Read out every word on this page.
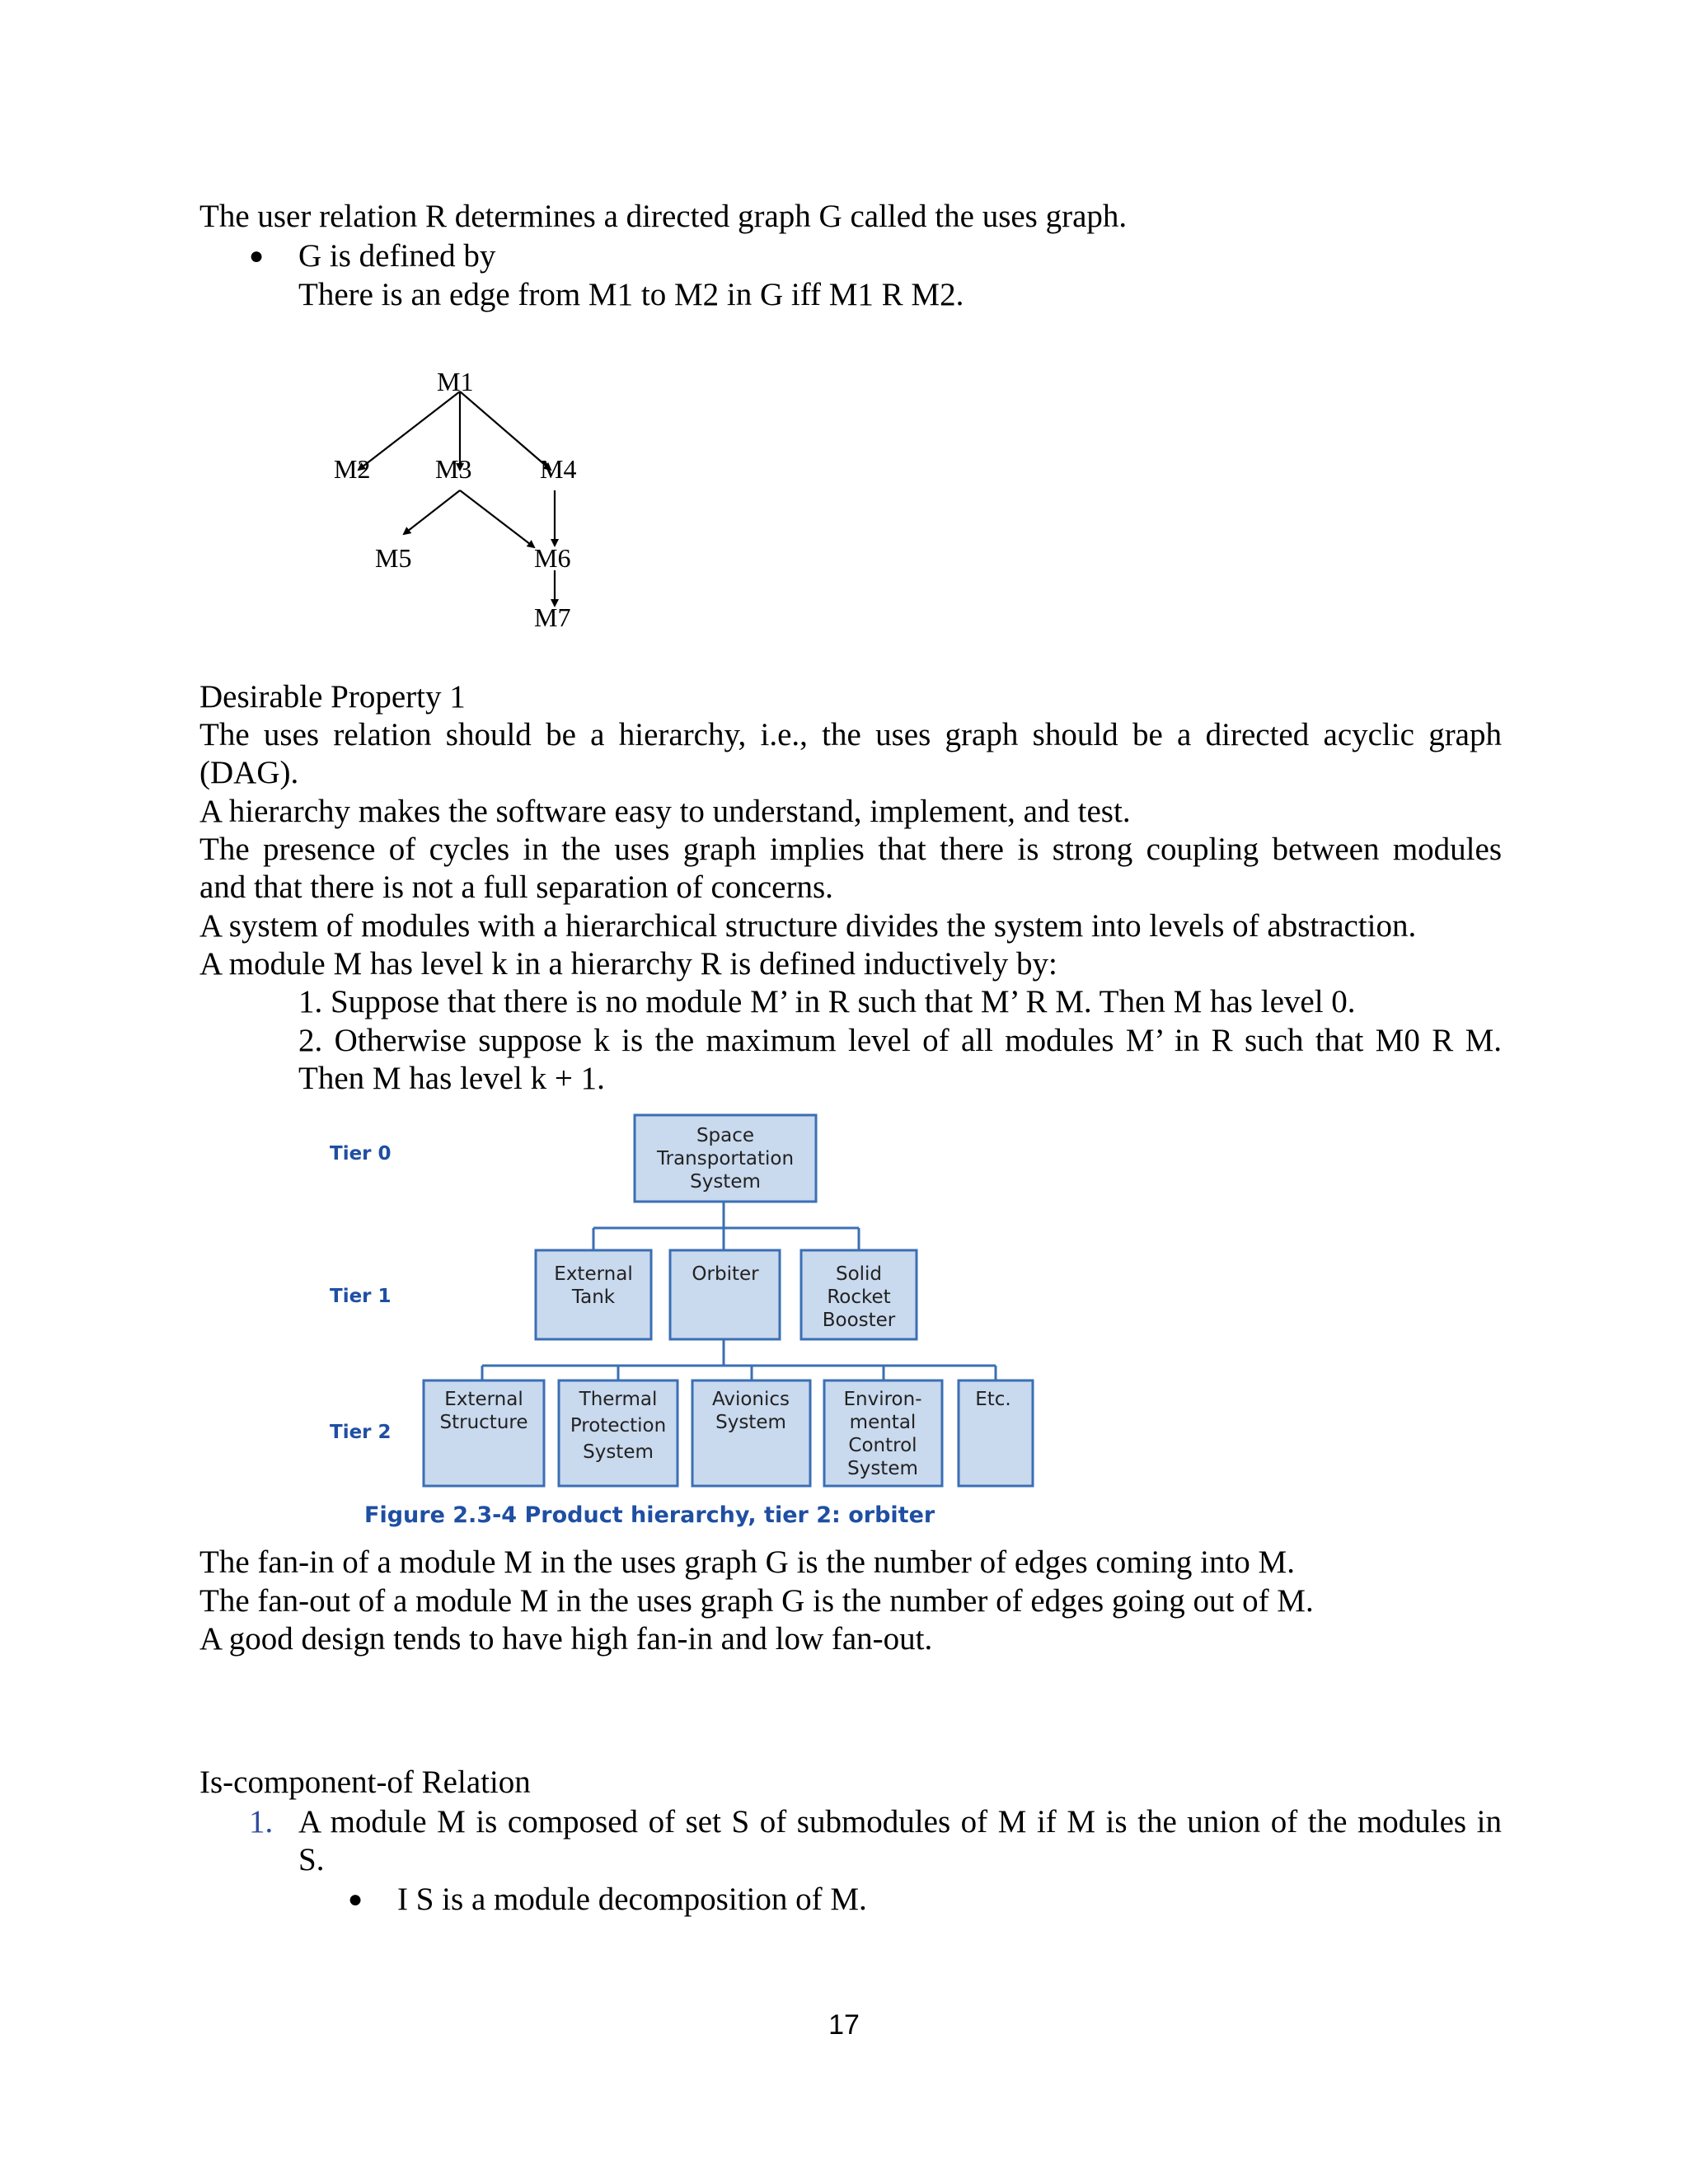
The user relation R determines a directed graph G called the uses graph.
● G is defined by
There is an edge from M1 to M2 in G iff M1 R M2.
M1
M2 M3	M4
M5	M6
M7
Desirable Property 1
The uses relation should be a hierarchy, i.e., the uses graph should be a directed acyclic graph
(DAG).
A hierarchy makes the software easy to understand, implement, and test.
The presence of cycles in the uses graph implies that there is strong coupling between modules
and that there is not a full separation of concerns.
A system of modules with a hierarchical structure divides the system into levels of abstraction.
A module M has level k in a hierarchy R is defined inductively by:
1. Suppose that there is no module M’ in R such that M’ R M. Then M has level 0.
2. Otherwise suppose k is the maximum level of all modules M’ in R such that M0 R M.
Then M has level k + 1.
Tier 0
Tier 1
Tier 2
Space
Transportation
System
External
Tank
Orbiter	Solid
Rocket
Booster
External
Structure
Thermal
Protection
System
Avionics
System
Environ-
mental
Control
System
Etc.
Figure 2.3-4 Product hierarchy, tier 2: orbiter
The fan-in of a module M in the uses graph G is the number of edges coming into M.
The fan-out of a module M in the uses graph G is the number of edges going out of M.
A good design tends to have high fan-in and low fan-out.
Is-component-of Relation
1. A module M is composed of set S of submodules of M if M is the union of the modules in
S.
● I S is a module decomposition of M.
17
